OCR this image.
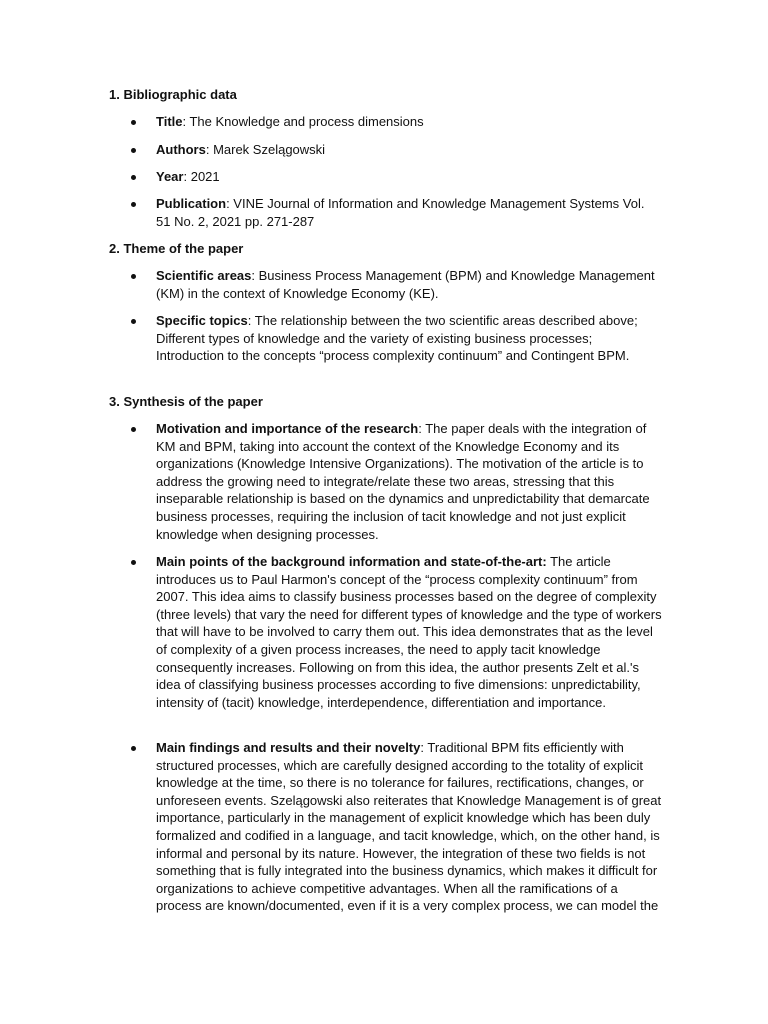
1. Bibliographic data

Title: The Knowledge and process dimensions

Authors: Marek Szelągowski

Year: 2021

Publication: VINE Journal of Information and Knowledge Management Systems Vol. 51 No. 2, 2021 pp. 271-287

2. Theme of the paper

Scientific areas: Business Process Management (BPM) and Knowledge Management (KM) in the context of Knowledge Economy (KE).

Specific topics: The relationship between the two scientific areas described above; Different types of knowledge and the variety of existing business processes; Introduction to the concepts “process complexity continuum” and Contingent BPM.

3. Synthesis of the paper

Motivation and importance of the research: The paper deals with the integration of KM and BPM, taking into account the context of the Knowledge Economy and its organizations (Knowledge Intensive Organizations). The motivation of the article is to address the growing need to integrate/relate these two areas, stressing that this inseparable relationship is based on the dynamics and unpredictability that demarcate business processes, requiring the inclusion of tacit knowledge and not just explicit knowledge when designing processes.

Main points of the background information and state-of-the-art: The article introduces us to Paul Harmon's concept of the “process complexity continuum” from 2007. This idea aims to classify business processes based on the degree of complexity (three levels) that vary the need for different types of knowledge and the type of workers that will have to be involved to carry them out. This idea demonstrates that as the level of complexity of a given process increases, the need to apply tacit knowledge consequently increases. Following on from this idea, the author presents Zelt et al.'s idea of classifying business processes according to five dimensions: unpredictability, intensity of (tacit) knowledge, interdependence, differentiation and importance.

Main findings and results and their novelty: Traditional BPM fits efficiently with structured processes, which are carefully designed according to the totality of explicit knowledge at the time, so there is no tolerance for failures, rectifications, changes, or unforeseen events. Szelągowski also reiterates that Knowledge Management is of great importance, particularly in the management of explicit knowledge which has been duly formalized and codified in a language, and tacit knowledge, which, on the other hand, is informal and personal by its nature. However, the integration of these two fields is not something that is fully integrated into the business dynamics, which makes it difficult for organizations to achieve competitive advantages. When all the ramifications of a process are known/documented, even if it is a very complex process, we can model the
